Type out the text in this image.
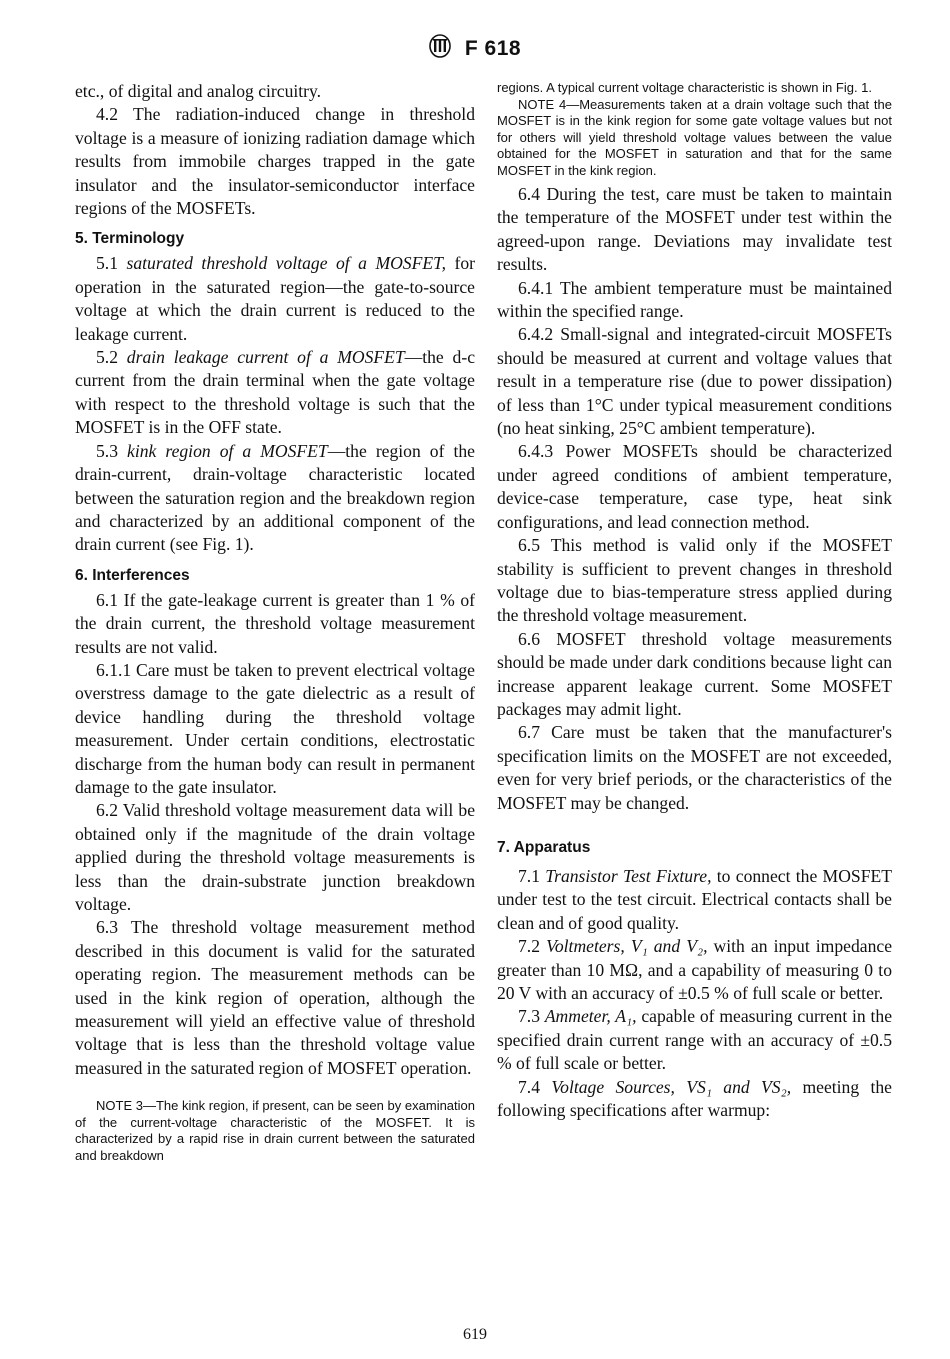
F 618

etc., of digital and analog circuitry.

4.2 The radiation-induced change in threshold voltage is a measure of ionizing radiation damage which results from immobile charges trapped in the gate insulator and the insulator-semiconductor interface regions of the MOSFETs.

5. Terminology

5.1 saturated threshold voltage of a MOSFET, for operation in the saturated region—the gate-to-source voltage at which the drain current is reduced to the leakage current.

5.2 drain leakage current of a MOSFET—the d-c current from the drain terminal when the gate voltage with respect to the threshold voltage is such that the MOSFET is in the OFF state.

5.3 kink region of a MOSFET—the region of the drain-current, drain-voltage characteristic located between the saturation region and the breakdown region and characterized by an additional component of the drain current (see Fig. 1).

6. Interferences

6.1 If the gate-leakage current is greater than 1 % of the drain current, the threshold voltage measurement results are not valid.

6.1.1 Care must be taken to prevent electrical voltage overstress damage to the gate dielectric as a result of device handling during the threshold voltage measurement. Under certain conditions, electrostatic discharge from the human body can result in permanent damage to the gate insulator.

6.2 Valid threshold voltage measurement data will be obtained only if the magnitude of the drain voltage applied during the threshold voltage measurements is less than the drain-substrate junction breakdown voltage.

6.3 The threshold voltage measurement method described in this document is valid for the saturated operating region. The measurement methods can be used in the kink region of operation, although the measurement will yield an effective value of threshold voltage that is less than the threshold voltage value measured in the saturated region of MOSFET operation.

NOTE 3—The kink region, if present, can be seen by examination of the current-voltage characteristic of the MOSFET. It is characterized by a rapid rise in drain current between the saturated and breakdown

regions. A typical current voltage characteristic is shown in Fig. 1.

NOTE 4—Measurements taken at a drain voltage such that the MOSFET is in the kink region for some gate voltage values but not for others will yield threshold voltage values between the value obtained for the MOSFET in saturation and that for the same MOSFET in the kink region.

6.4 During the test, care must be taken to maintain the temperature of the MOSFET under test within the agreed-upon range. Deviations may invalidate test results.

6.4.1 The ambient temperature must be maintained within the specified range.

6.4.2 Small-signal and integrated-circuit MOSFETs should be measured at current and voltage values that result in a temperature rise (due to power dissipation) of less than 1°C under typical measurement conditions (no heat sinking, 25°C ambient temperature).

6.4.3 Power MOSFETs should be characterized under agreed conditions of ambient temperature, device-case temperature, case type, heat sink configurations, and lead connection method.

6.5 This method is valid only if the MOSFET stability is sufficient to prevent changes in threshold voltage due to bias-temperature stress applied during the threshold voltage measurement.

6.6 MOSFET threshold voltage measurements should be made under dark conditions because light can increase apparent leakage current. Some MOSFET packages may admit light.

6.7 Care must be taken that the manufacturer's specification limits on the MOSFET are not exceeded, even for very brief periods, or the characteristics of the MOSFET may be changed.

7. Apparatus

7.1 Transistor Test Fixture, to connect the MOSFET under test to the test circuit. Electrical contacts shall be clean and of good quality.

7.2 Voltmeters, V₁ and V₂, with an input impedance greater than 10 MΩ, and a capability of measuring 0 to 20 V with an accuracy of ±0.5 % of full scale or better.

7.3 Ammeter, A₁, capable of measuring current in the specified drain current range with an accuracy of ±0.5 % of full scale or better.

7.4 Voltage Sources, VS₁ and VS₂, meeting the following specifications after warmup:

619
